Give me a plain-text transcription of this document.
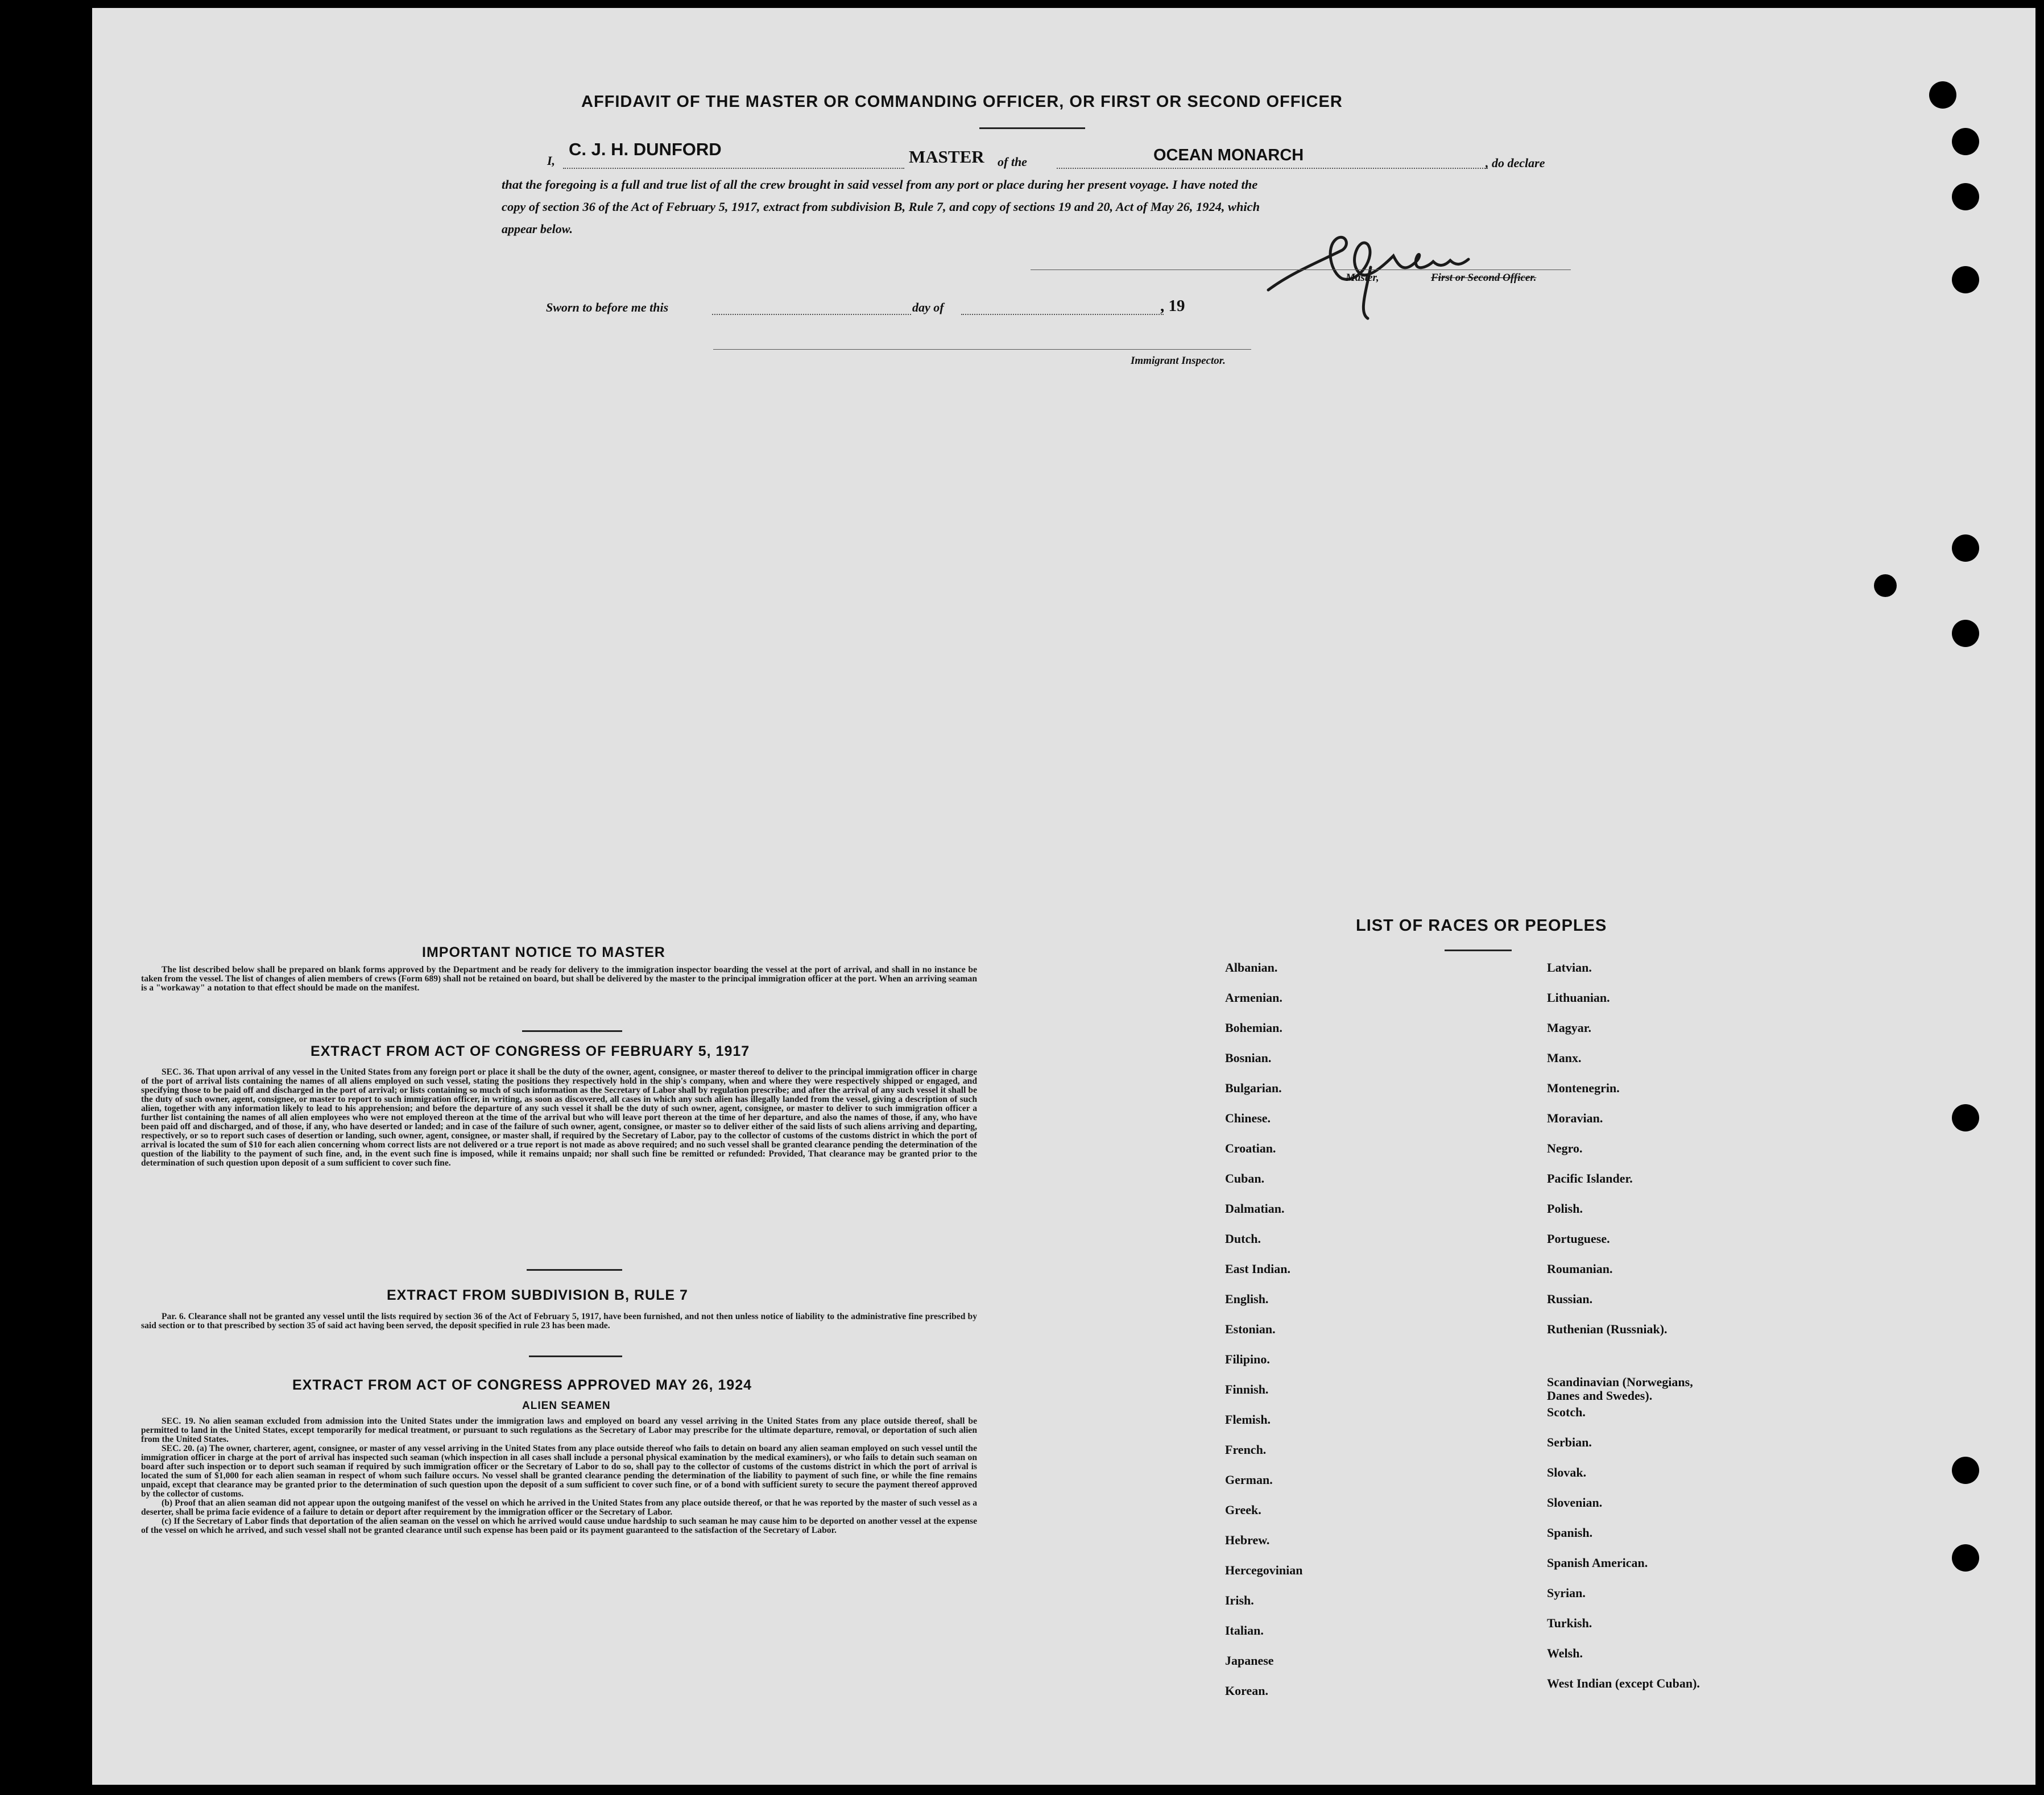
AFFIDAVIT OF THE MASTER OR COMMANDING OFFICER, OR FIRST OR SECOND OFFICER
I,
C. J. H. DUNFORD	MASTER of the	OCEAN MONARCH	, do declare
that the foregoing is a full and true list of all the crew brought in said vessel from any port or place during her present voyage. I have noted the
copy of section 36 of the Act of February 5, 1917, extract from subdivision B, Rule 7, and copy of sections 19 and 20, Act of May 26, 1924, which
appear below.
Master,	First or Second Officer.
Sworn to before me this	day of	, 19
Immigrant Inspector.
IMPORTANT NOTICE TO MASTER

The list described below shall be prepared on blank forms approved by the Department and be ready for delivery to the immigration inspector boarding the vessel at the port of arrival, and shall in no instance be taken from the vessel. The list of changes of alien members of crews (Form 689) shall not be retained on board, but shall be delivered by the master to the principal immigration officer at the port. When an arriving seaman is a "workaway" a notation to that effect should be made on the manifest.

EXTRACT FROM ACT OF CONGRESS OF FEBRUARY 5, 1917

SEC. 36. That upon arrival of any vessel in the United States from any foreign port or place it shall be the duty of the owner, agent, consignee, or master thereof to deliver to the principal immigration officer in charge of the port of arrival lists containing the names of all aliens employed on such vessel, stating the positions they respectively hold in the ship's company, when and where they were respectively shipped or engaged, and specifying those to be paid off and discharged in the port of arrival; or lists containing so much of such information as the Secretary of Labor shall by regulation prescribe; and after the arrival of any such vessel it shall be the duty of such owner, agent, consignee, or master to report to such immigration officer, in writing, as soon as discovered, all cases in which any such alien has illegally landed from the vessel, giving a description of such alien, together with any information likely to lead to his apprehension; and before the departure of any such vessel it shall be the duty of such owner, agent, consignee, or master to deliver to such immigration officer a further list containing the names of all alien employees who were not employed thereon at the time of the arrival but who will leave port thereon at the time of her departure, and also the names of those, if any, who have been paid off and discharged, and of those, if any, who have deserted or landed; and in case of the failure of such owner, agent, consignee, or master so to deliver either of the said lists of such aliens arriving and departing, respectively, or so to report such cases of desertion or landing, such owner, agent, consignee, or master shall, if required by the Secretary of Labor, pay to the collector of customs of the customs district in which the port of arrival is located the sum of $10 for each alien concerning whom correct lists are not delivered or a true report is not made as above required; and no such vessel shall be granted clearance pending the determination of the question of the liability to the payment of such fine, and, in the event such fine is imposed, while it remains unpaid; nor shall such fine be remitted or refunded: Provided, That clearance may be granted prior to the determination of such question upon deposit of a sum sufficient to cover such fine.

EXTRACT FROM SUBDIVISION B, RULE 7

Par. 6. Clearance shall not be granted any vessel until the lists required by section 36 of the Act of February 5, 1917, have been furnished, and not then unless notice of liability to the administrative fine prescribed by said section or to that prescribed by section 35 of said act having been served, the deposit specified in rule 23 has been made.

EXTRACT FROM ACT OF CONGRESS APPROVED MAY 26, 1924
ALIEN SEAMEN

SEC. 19. No alien seaman excluded from admission into the United States under the immigration laws and employed on board any vessel arriving in the United States from any place outside thereof, shall be permitted to land in the United States, except temporarily for medical treatment, or pursuant to such regulations as the Secretary of Labor may prescribe for the ultimate departure, removal, or deportation of such alien from the United States.

SEC. 20. (a) The owner, charterer, agent, consignee, or master of any vessel arriving in the United States from any place outside thereof who fails to detain on board any alien seaman employed on such vessel until the immigration officer in charge at the port of arrival has inspected such seaman (which inspection in all cases shall include a personal physical examination by the medical examiners), or who fails to detain such seaman on board after such inspection or to deport such seaman if required by such immigration officer or the Secretary of Labor to do so, shall pay to the collector of customs of the customs district in which the port of arrival is located the sum of $1,000 for each alien seaman in respect of whom such failure occurs. No vessel shall be granted clearance pending the determination of the liability to payment of such fine, or while the fine remains unpaid, except that clearance may be granted prior to the determination of such question upon the deposit of a sum sufficient to cover such fine, or of a bond with sufficient surety to secure the payment thereof approved by the collector of customs.

(b) Proof that an alien seaman did not appear upon the outgoing manifest of the vessel on which he arrived in the United States from any place outside thereof, or that he was reported by the master of such vessel as a deserter, shall be prima facie evidence of a failure to detain or deport after requirement by the immigration officer or the Secretary of Labor.

(c) If the Secretary of Labor finds that deportation of the alien seaman on the vessel on which he arrived would cause undue hardship to such seaman he may cause him to be deported on another vessel at the expense of the vessel on which he arrived, and such vessel shall not be granted clearance until such expense has been paid or its payment guaranteed to the satisfaction of the Secretary of Labor.

LIST OF RACES OR PEOPLES
Albanian.
Armenian.
Bohemian.
Bosnian.
Bulgarian.
Chinese.
Croatian.
Cuban.
Dalmatian.
Dutch.
East Indian.
English.
Estonian.
Filipino.
Finnish.
Flemish.
French.
German.
Greek.
Hebrew.
Hercegovinian
Irish.
Italian.
Japanese
Korean.
Latvian.
Lithuanian.
Magyar.
Manx.
Montenegrin.
Moravian.
Negro.
Pacific Islander.
Polish.
Portuguese.
Roumanian.
Russian.
Ruthenian (Russniak).
Scandinavian (Norwegians,
Danes and Swedes).
Scotch.
Serbian.
Slovak.
Slovenian.
Spanish.
Spanish American.
Syrian.
Turkish.
Welsh.
West Indian (except Cuban).
